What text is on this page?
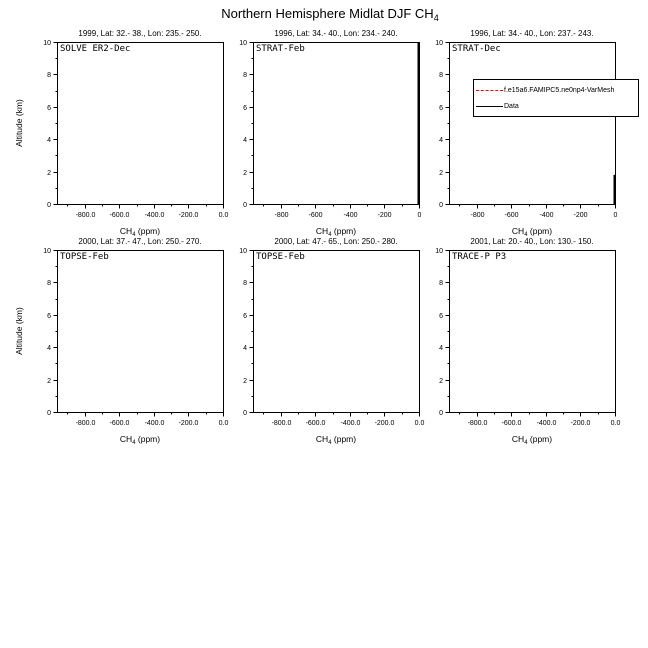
Northern Hemisphere Midlat DJF $CH_4$
1999, Lat: 32.- 38., Lon: 235.- 250.
SOLVE ER2-Dec
Altitude (km)
$CH_4$ (ppm)
-800.0 -600.0 -400.0 -200.0	0.0
0
2
4
6
8
10
1996, Lat: 34.- 40., Lon: 234.- 240.
STRAT-Feb
$CH_4$ (ppm)
-800	-600	-400	-200	0
0
2
4
6
8
10
1996, Lat: 34.- 40., Lon: 237.- 243.
STRAT-Dec
$CH_4$ (ppm)
-800	-600	-400	-200	0
0
2
4
6
8
10
2000, Lat: 37.- 47., Lon: 250.- 270.
TOPSE-Feb
Altitude (km)
$CH_4$ (ppm)
-800.0 -600.0 -400.0 -200.0	0.0
0
2
4
6
8
10
2000, Lat: 47.- 65., Lon: 250.- 280.
TOPSE-Feb
$CH_4$ (ppm)
-800.0 -600.0 -400.0 -200.0	0.0
0
2
4
6
8
10
2001, Lat: 20.- 40., Lon: 130.- 150.
TRACE-P P3
$CH_4$ (ppm)
-800.0 -600.0 -400.0 -200.0	0.0
0
2
4
6
8
10
f.e15a6.FAMIPC5.ne0np4-VarMesh
Data
